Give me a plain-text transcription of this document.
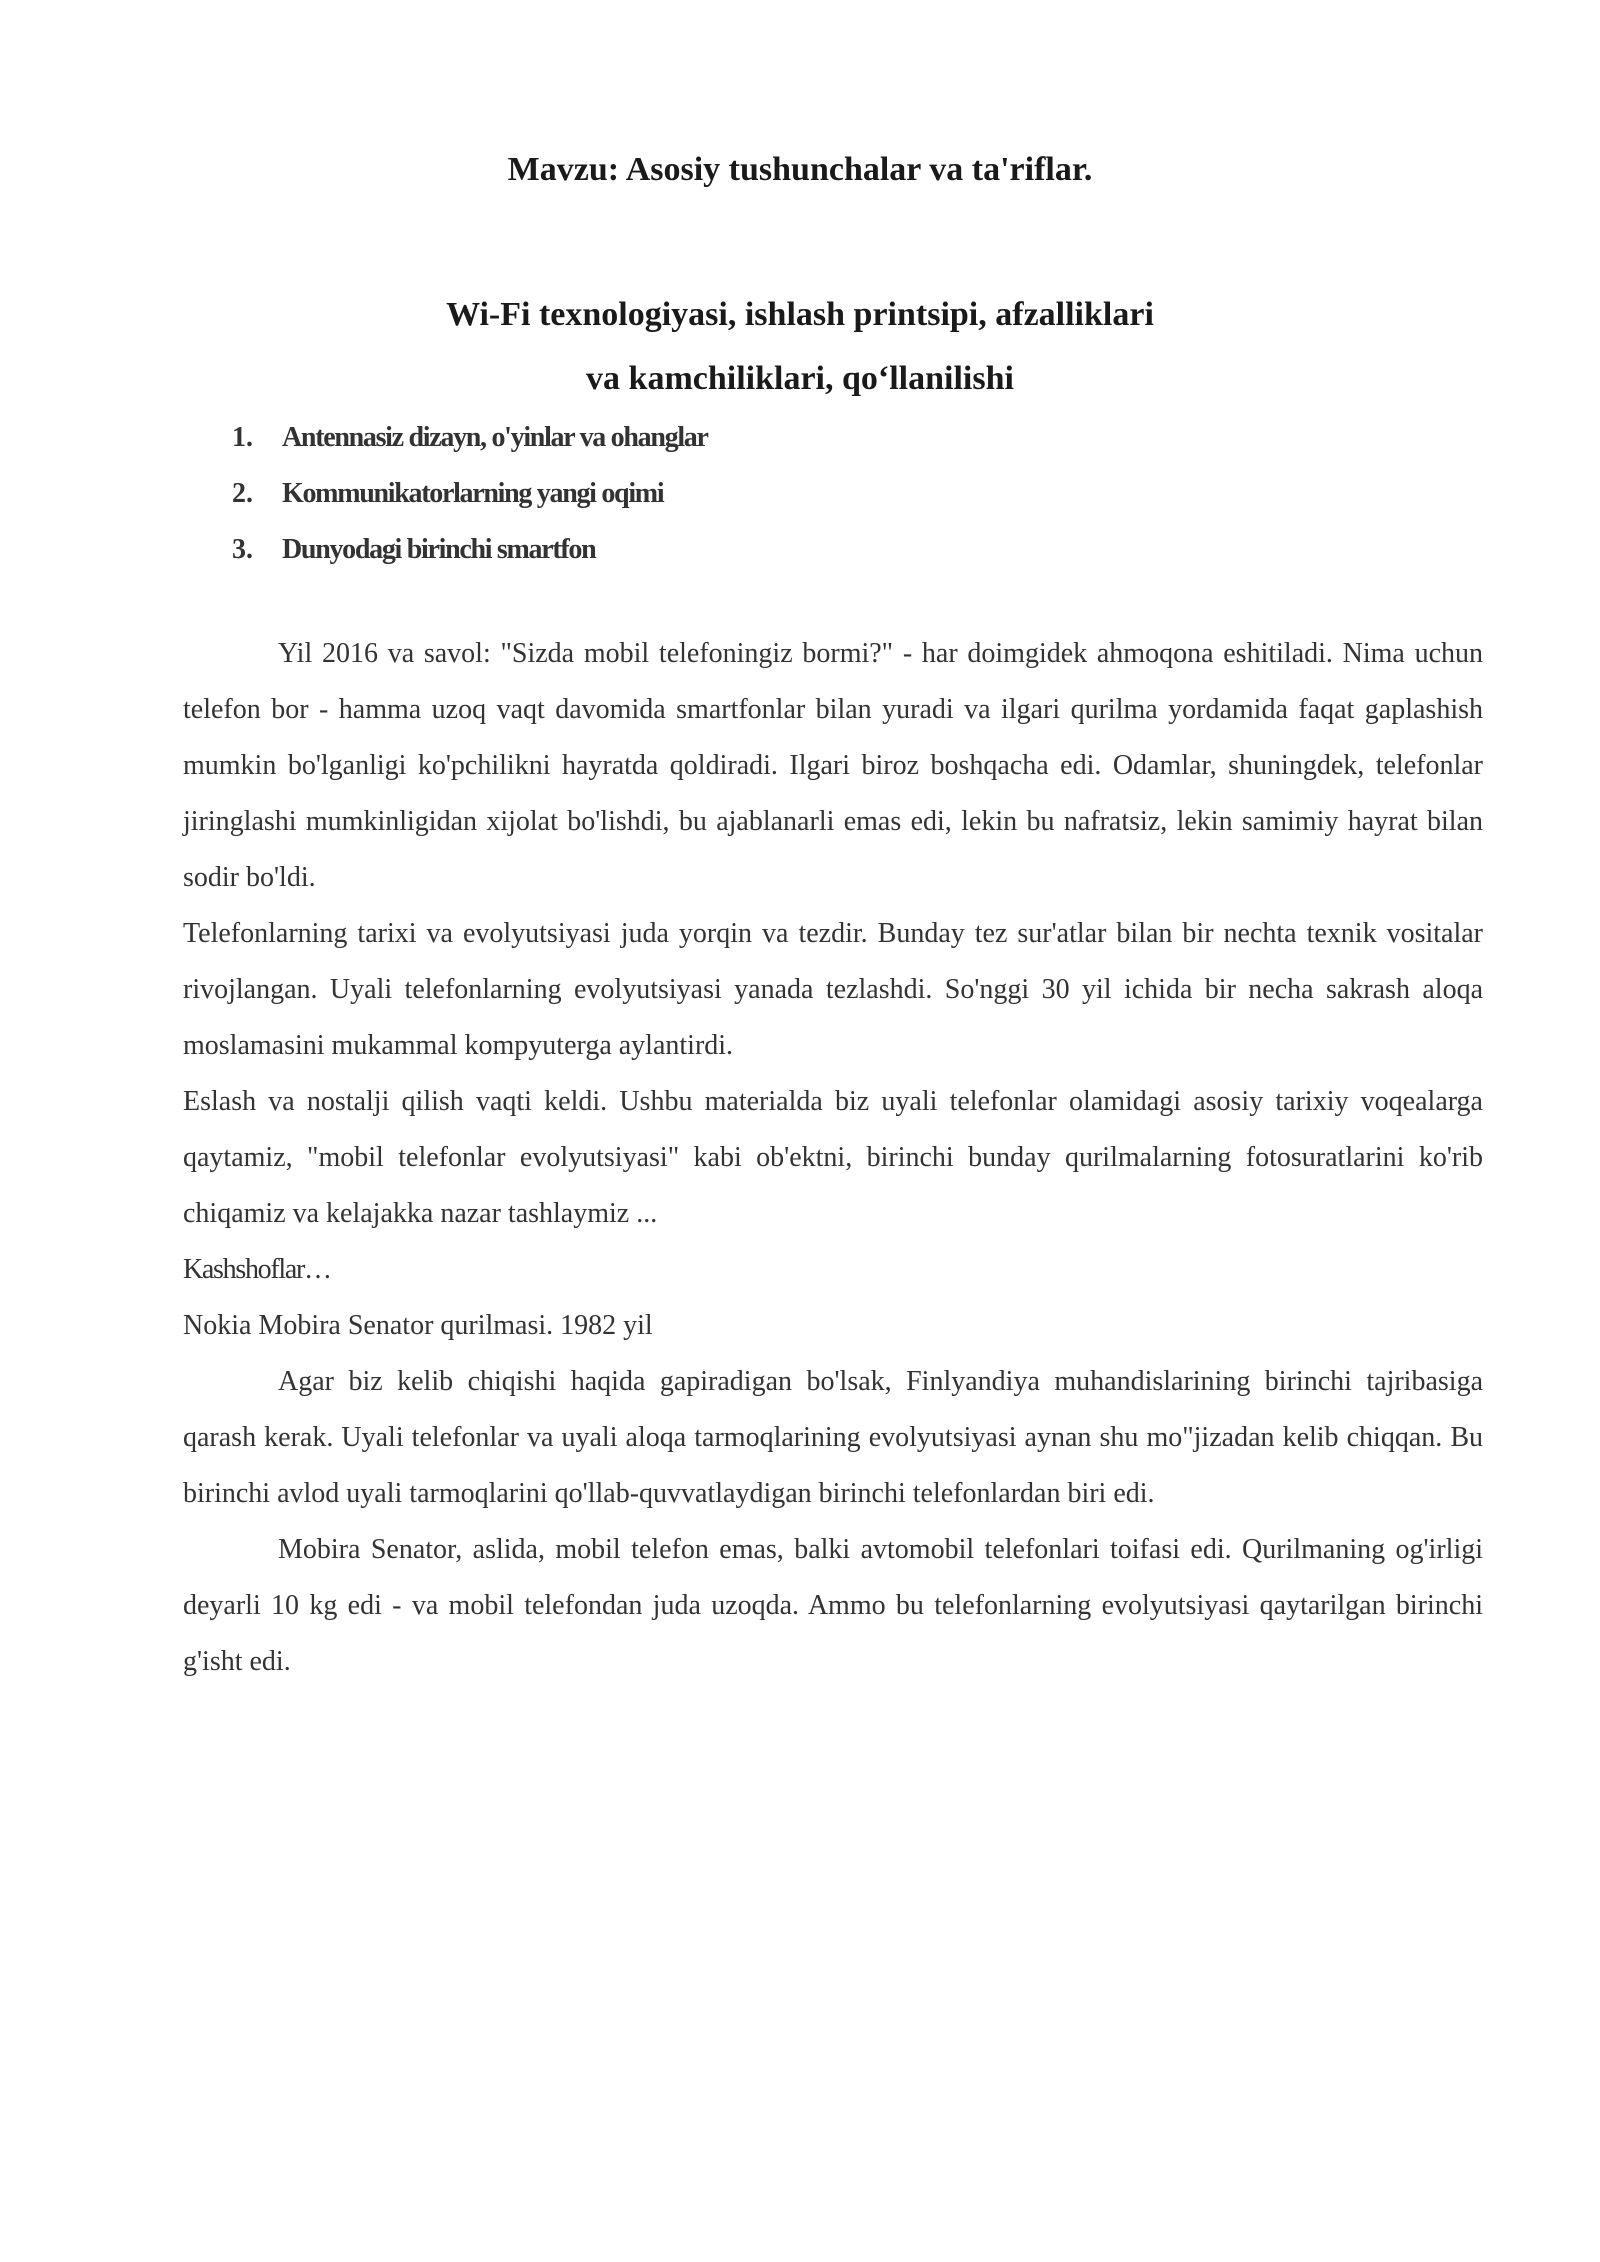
Mavzu: Asosiy tushunchalar va ta'riflar.
Wi-Fi texnologiyasi, ishlash printsipi, afzalliklari
va kamchiliklari, qo‘llanilishi
1. Antennasiz dizayn, o'yinlar va ohanglar
2. Kommunikatorlarning yangi oqimi
3. Dunyodagi birinchi smartfon

Yil 2016 va savol: "Sizda mobil telefoningiz bormi?" - har doimgidek ahmoqona eshitiladi. Nima uchun telefon bor - hamma uzoq vaqt davomida smartfonlar bilan yuradi va ilgari qurilma yordamida faqat gaplashish mumkin bo'lganligi ko'pchilikni hayratda qoldiradi. Ilgari biroz boshqacha edi. Odamlar, shuningdek, telefonlar jiringlashi mumkinligidan xijolat bo'lishdi, bu ajablanarli emas edi, lekin bu nafratsiz, lekin samimiy hayrat bilan sodir bo'ldi.

Telefonlarning tarixi va evolyutsiyasi juda yorqin va tezdir. Bunday tez sur'atlar bilan bir nechta texnik vositalar rivojlangan. Uyali telefonlarning evolyutsiyasi yanada tezlashdi. So'nggi 30 yil ichida bir necha sakrash aloqa moslamasini mukammal kompyuterga aylantirdi.

Eslash va nostalji qilish vaqti keldi. Ushbu materialda biz uyali telefonlar olamidagi asosiy tarixiy voqealarga qaytamiz, "mobil telefonlar evolyutsiyasi" kabi ob'ektni, birinchi bunday qurilmalarning fotosuratlarini ko'rib chiqamiz va kelajakka nazar tashlaymiz ...

Kashshoflar…

Nokia Mobira Senator qurilmasi. 1982 yil

Agar biz kelib chiqishi haqida gapiradigan bo'lsak, Finlyandiya muhandislarining birinchi tajribasiga qarash kerak. Uyali telefonlar va uyali aloqa tarmoqlarining evolyutsiyasi aynan shu mo"jizadan kelib chiqqan. Bu birinchi avlod uyali tarmoqlarini qo'llab-quvvatlaydigan birinchi telefonlardan biri edi.

Mobira Senator, aslida, mobil telefon emas, balki avtomobil telefonlari toifasi edi. Qurilmaning og'irligi deyarli 10 kg edi - va mobil telefondan juda uzoqda. Ammo bu telefonlarning evolyutsiyasi qaytarilgan birinchi g'isht edi.
